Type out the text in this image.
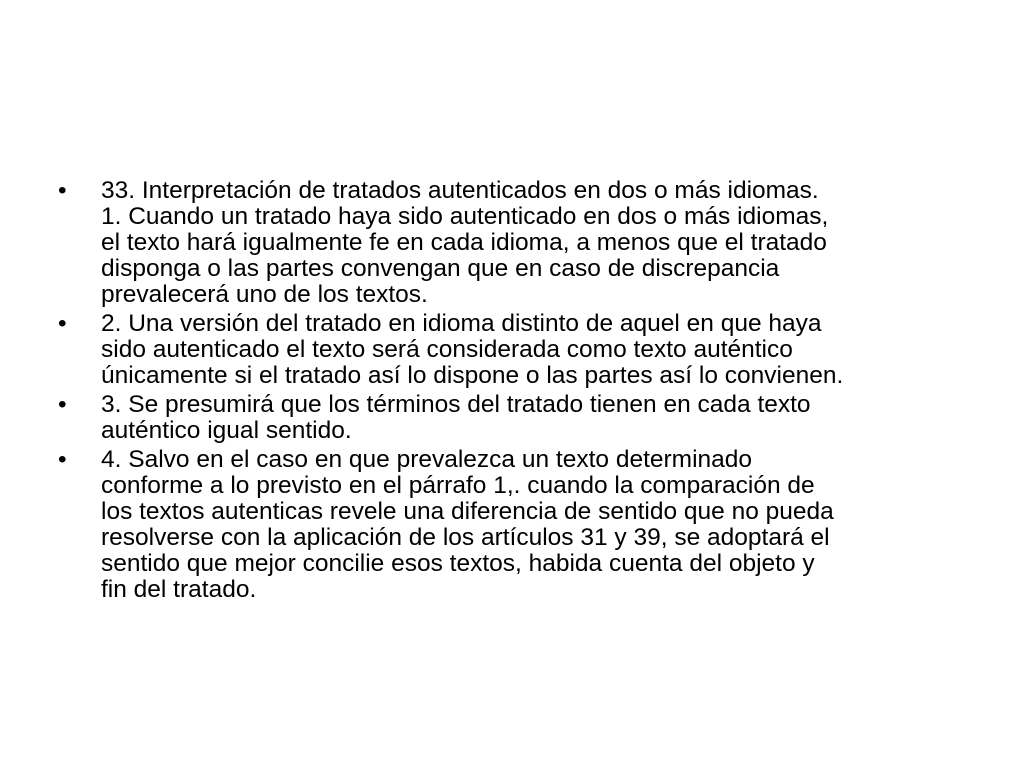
• 33. Interpretación de tratados autenticados en dos o más idiomas.
1. Cuando un tratado haya sido autenticado en dos o más idiomas,
el texto hará igualmente fe en cada idioma, a menos que el tratado
disponga o las partes convengan que en caso de discrepancia
prevalecerá uno de los textos.
• 2. Una versión del tratado en idioma distinto de aquel en que haya
sido autenticado el texto será considerada como texto auténtico
únicamente si el tratado así lo dispone o las partes así lo convienen.
• 3. Se presumirá que los términos del tratado tienen en cada texto
auténtico igual sentido.
• 4. Salvo en el caso en que prevalezca un texto determinado
conforme a lo previsto en el párrafo 1,. cuando la comparación de
los textos autenticas revele una diferencia de sentido que no pueda
resolverse con la aplicación de los artículos 31 y 39, se adoptará el
sentido que mejor concilie esos textos, habida cuenta del objeto y
fin del tratado.
